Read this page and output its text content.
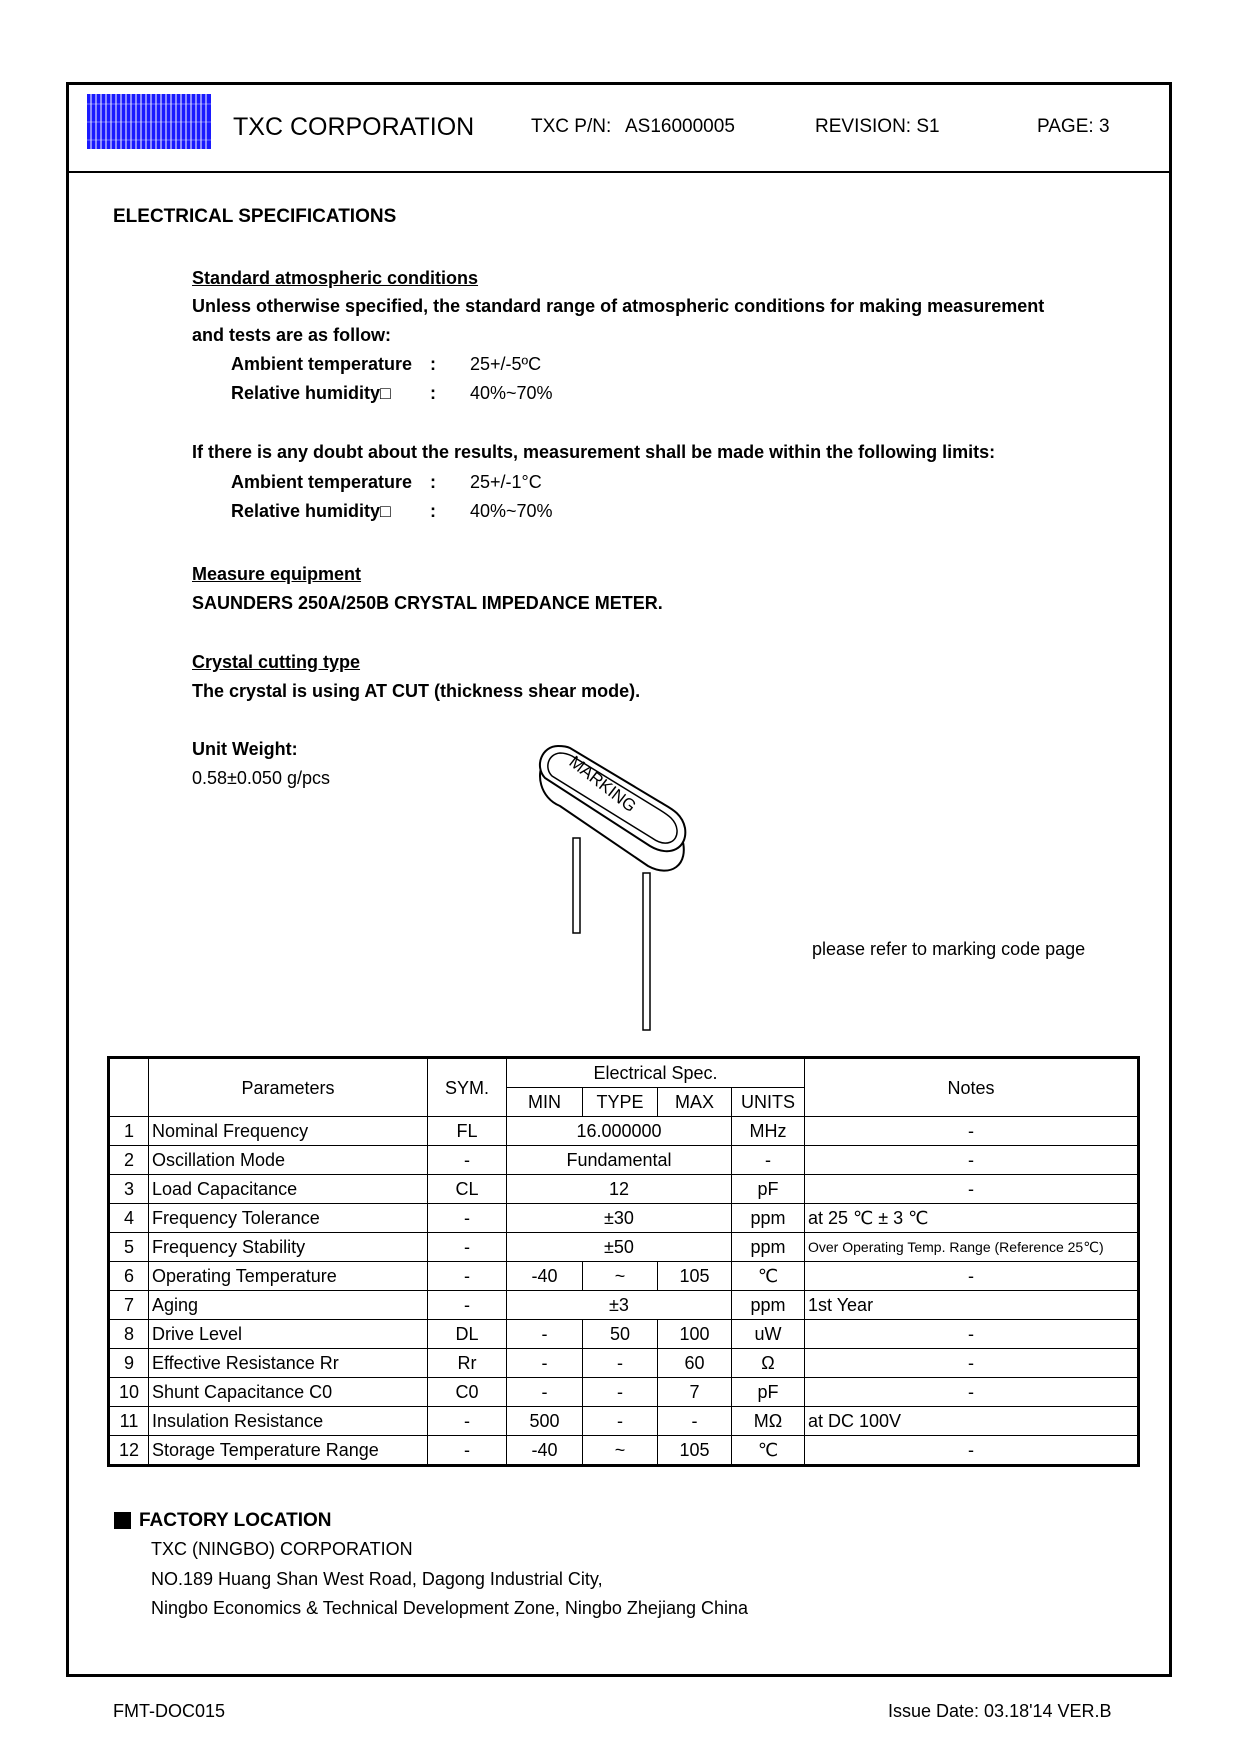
TXC CORPORATION	TXC P/N: AS16000005	REVISION: S1	PAGE: 3
ELECTRICAL SPECIFICATIONS
Standard atmospheric conditions
Unless otherwise specified, the standard range of atmospheric conditions for making measurement
and tests are as follow:
Ambient temperature : 25+/-5ºC
Relative humidity□ : 40%~70%
If there is any doubt about the results, measurement shall be made within the following limits:
Ambient temperature : 25+/-1°C
Relative humidity□ : 40%~70%
Measure equipment
SAUNDERS 250A/250B CRYSTAL IMPEDANCE METER.
Crystal cutting type
The crystal is using AT CUT (thickness shear mode).
Unit Weight:
0.58±0.050 g/pcs	MARKING
please refer to marking code page
	Parameters	SYM.	Electrical Spec.				Notes
			MIN	TYPE	MAX	UNITS	
1	Nominal Frequency	FL	16.000000			MHz	-
2	Oscillation Mode	-	Fundamental			-	-
3	Load Capacitance	CL	12			pF	-
4	Frequency Tolerance	-	±30			ppm	at 25 ℃ ± 3 ℃
5	Frequency Stability	-	±50			ppm	Over Operating Temp. Range (Reference 25℃)
6	Operating Temperature	-	-40	~	105	℃	-
7	Aging	-	±3			ppm	1st Year
8	Drive Level	DL	-	50	100	uW	-
9	Effective Resistance Rr	Rr	-	-	60	Ω	-
10	Shunt Capacitance C0	C0	-	-	7	pF	-
11	Insulation Resistance	-	500	-	-	MΩ	at DC 100V
12	Storage Temperature Range	-	-40	~	105	℃	-
FACTORY LOCATION
TXC (NINGBO) CORPORATION
NO.189 Huang Shan West Road, Dagong Industrial City,
Ningbo Economics & Technical Development Zone, Ningbo Zhejiang China
FMT-DOC015	Issue Date: 03.18'14 VER.B
